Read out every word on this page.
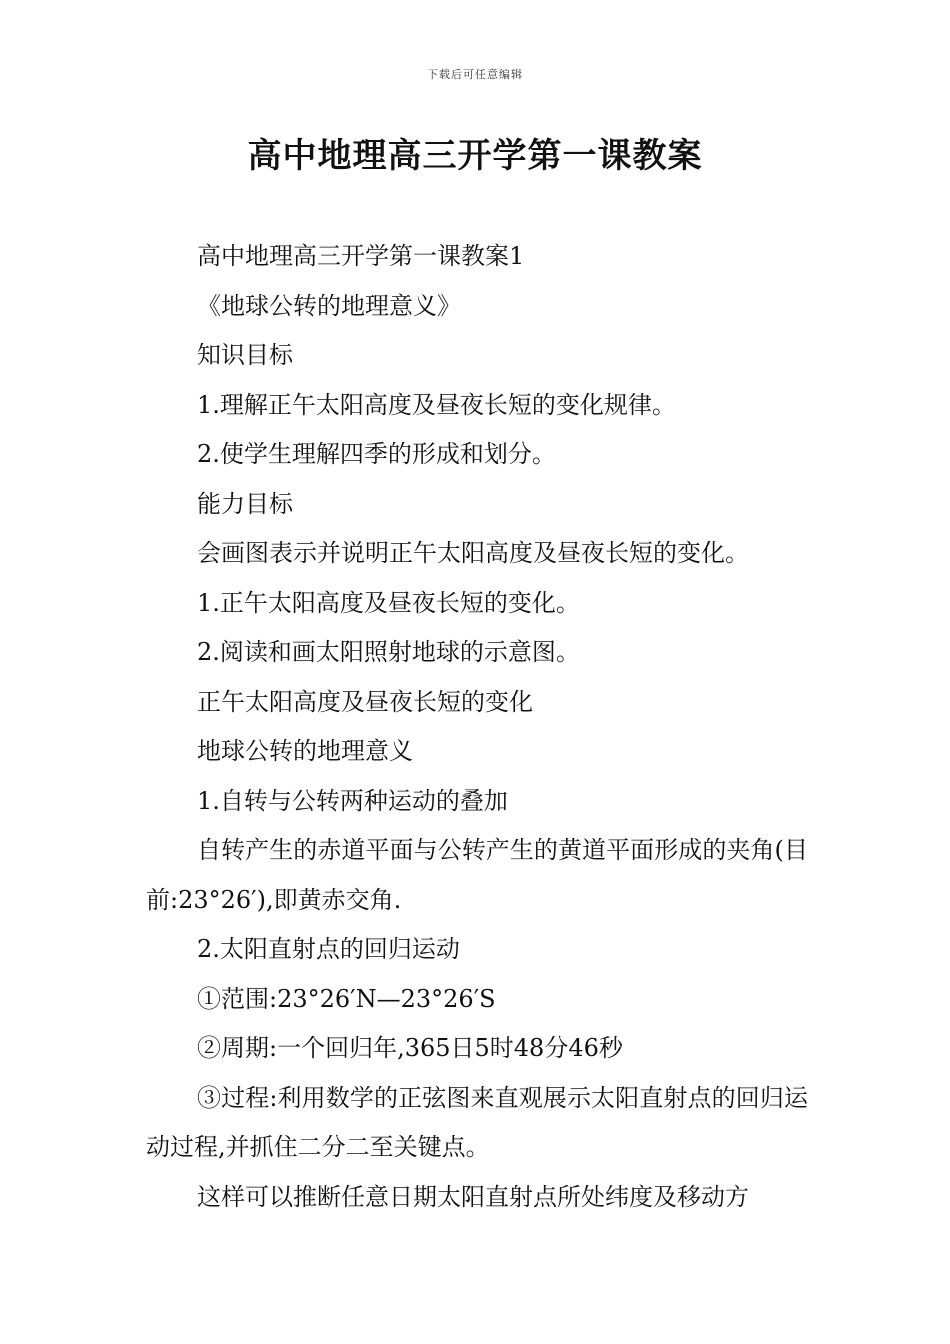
下载后可任意编辑
高中地理高三开学第一课教案

高中地理高三开学第一课教案1

《地球公转的地理意义》

知识目标

1.理解正午太阳高度及昼夜长短的变化规律。

2.使学生理解四季的形成和划分。

能力目标

会画图表示并说明正午太阳高度及昼夜长短的变化。

1.正午太阳高度及昼夜长短的变化。

2.阅读和画太阳照射地球的示意图。

正午太阳高度及昼夜长短的变化

地球公转的地理意义

1.自转与公转两种运动的叠加

自转产生的赤道平面与公转产生的黄道平面形成的夹角(目前:23°26′),即黄赤交角.

2.太阳直射点的回归运动

①范围:23°26′N—23°26′S

②周期:一个回归年,365日5时48分46秒

③过程:利用数学的正弦图来直观展示太阳直射点的回归运动过程,并抓住二分二至关键点。

这样可以推断任意日期太阳直射点所处纬度及移动方
